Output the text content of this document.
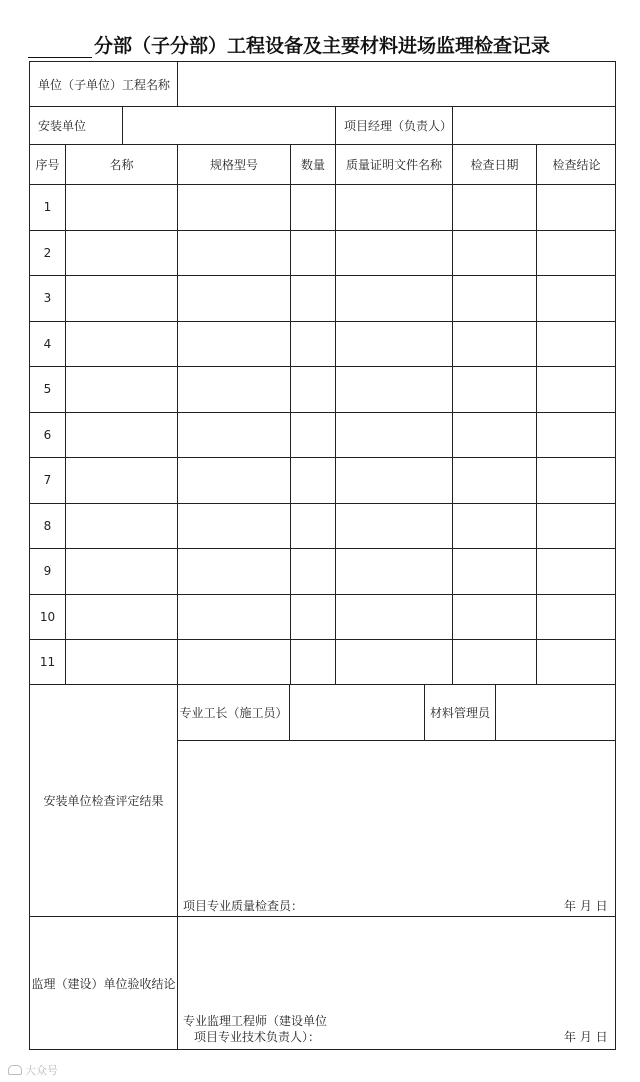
分部（子分部）工程设备及主要材料进场监理检查记录
单位（子单位）工程名称
安装单位	项目经理（负责人）
序号	名称	规格型号	数量	质量证明文件名称	检查日期	检查结论
1
2
3
4
5
6
7
8
9
10
11
安装单位检查评定结果
专业工长（施工员）	材料管理员
项目专业质量检查员：	年 月 日
监理（建设）单位验收结论
专业监理工程师（建设单位
项目专业技术负责人）：	年 月 日
大众号
